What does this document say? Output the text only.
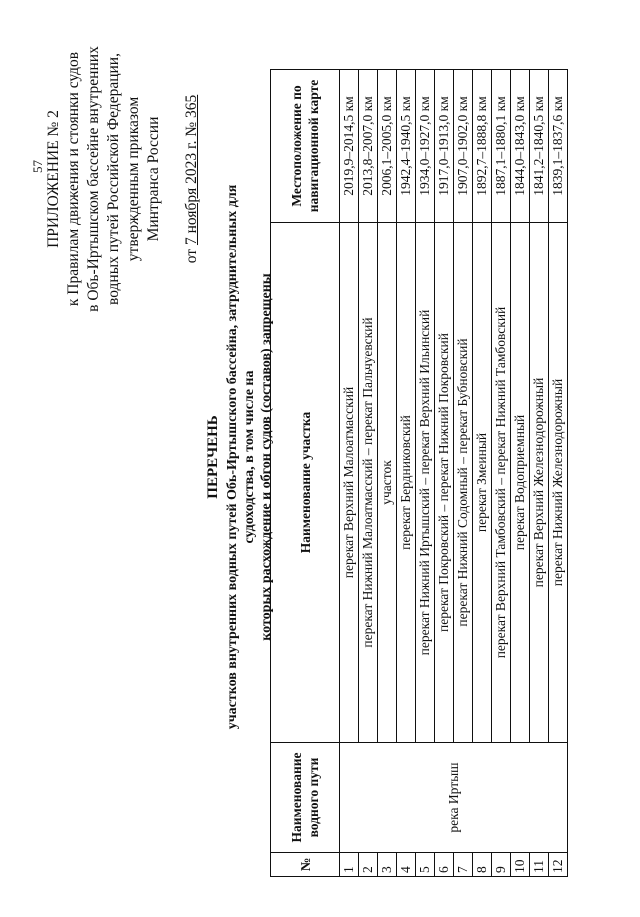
57 ПРИЛОЖЕНИЕ № 2 к Правилам движения и стоянки судов в Обь-Иртышском бассейне внутренних водных путей Российской Федерации, утвержденным приказом Минтранса России
от 7 ноября 2023 г. № 365
ПЕРЕЧЕНЬ участков внутренних водных путей Обь-Иртышского бассейна, затруднительных для судоходства, в том числе на которых расхождение и обгон судов (составов) запрещены
№	Наименование водного пути	Наименование участка	Местоположение по навигационной карте
1	река Иртыш	перекат Верхний Малоатмасский	2019,9–2014,5 км
2		перекат Нижний Малоатмасский – перекат Пальчуевский	2013,8–2007,0 км
3		участок	2006,1–2005,0 км
4		перекат Бердниковский	1942,4–1940,5 км
5		перекат Нижний Иртышский – перекат Верхний Ильинский	1934,0–1927,0 км
6		перекат Покровский – перекат Нижний Покровский	1917,0–1913,0 км
7		перекат Нижний Содомный – перекат Бубновский	1907,0–1902,0 км
8		перекат Змеиный	1892,7–1888,8 км
9		перекат Верхний Тамбовский – перекат Нижний Тамбовский	1887,1–1880,1 км
10		перекат Водоприемный	1844,0–1843,0 км
11		перекат Верхний Железнодорожный	1841,2–1840,5 км
12		перекат Нижний Железнодорожный	1839,1–1837,6 км
